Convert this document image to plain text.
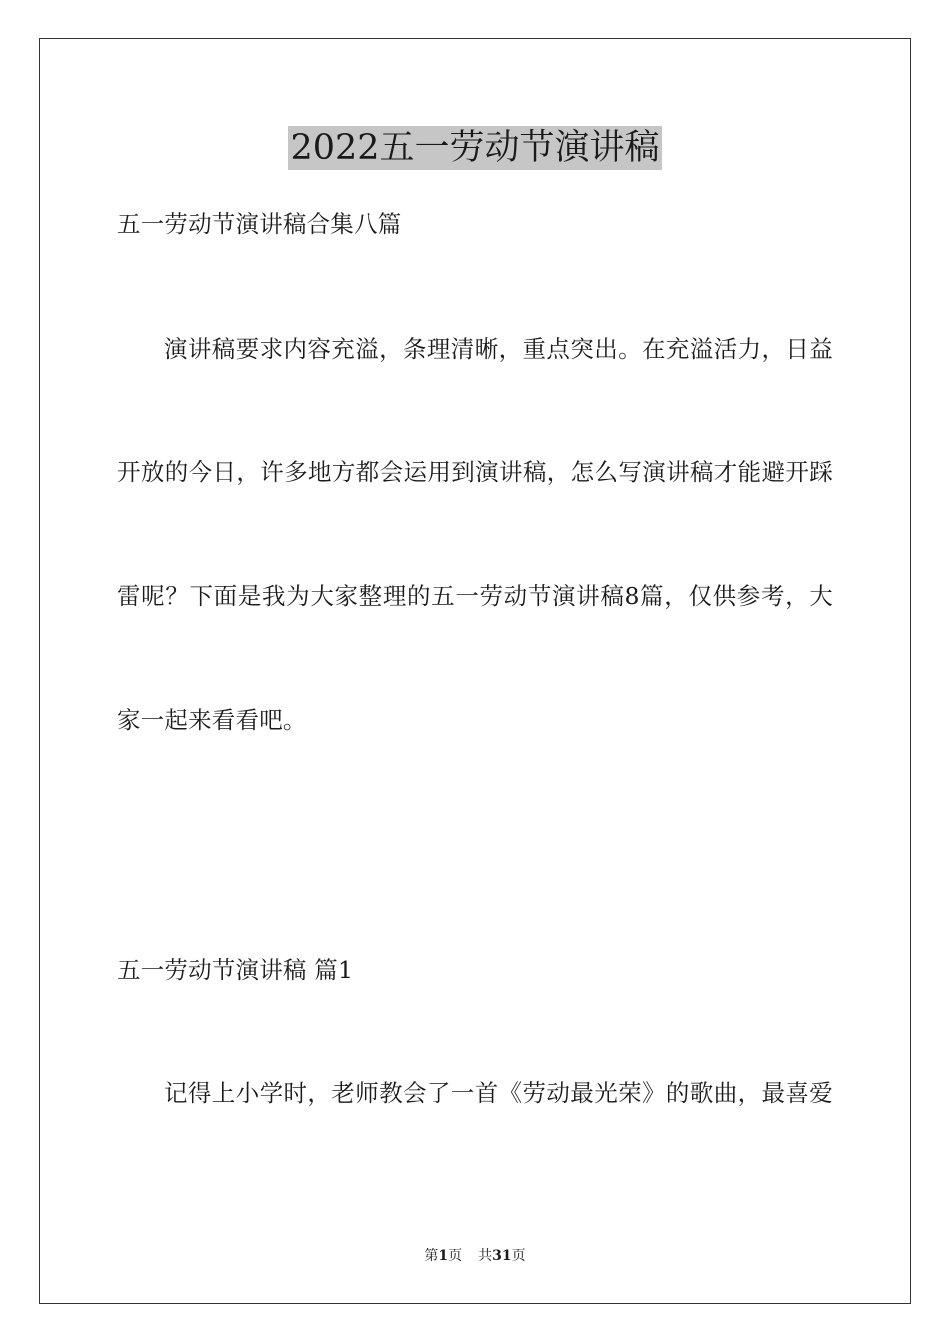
2022五一劳动节演讲稿
五一劳动节演讲稿合集八篇
演讲稿要求内容充溢，条理清晰，重点突出。在充溢活力，日益
开放的今日，许多地方都会运用到演讲稿，怎么写演讲稿才能避开踩
雷呢？下面是我为大家整理的五一劳动节演讲稿8篇，仅供参考，大
家一起来看看吧。
五一劳动节演讲稿 篇1
记得上小学时，老师教会了一首《劳动最光荣》的歌曲，最喜爱
第1页 共31页
